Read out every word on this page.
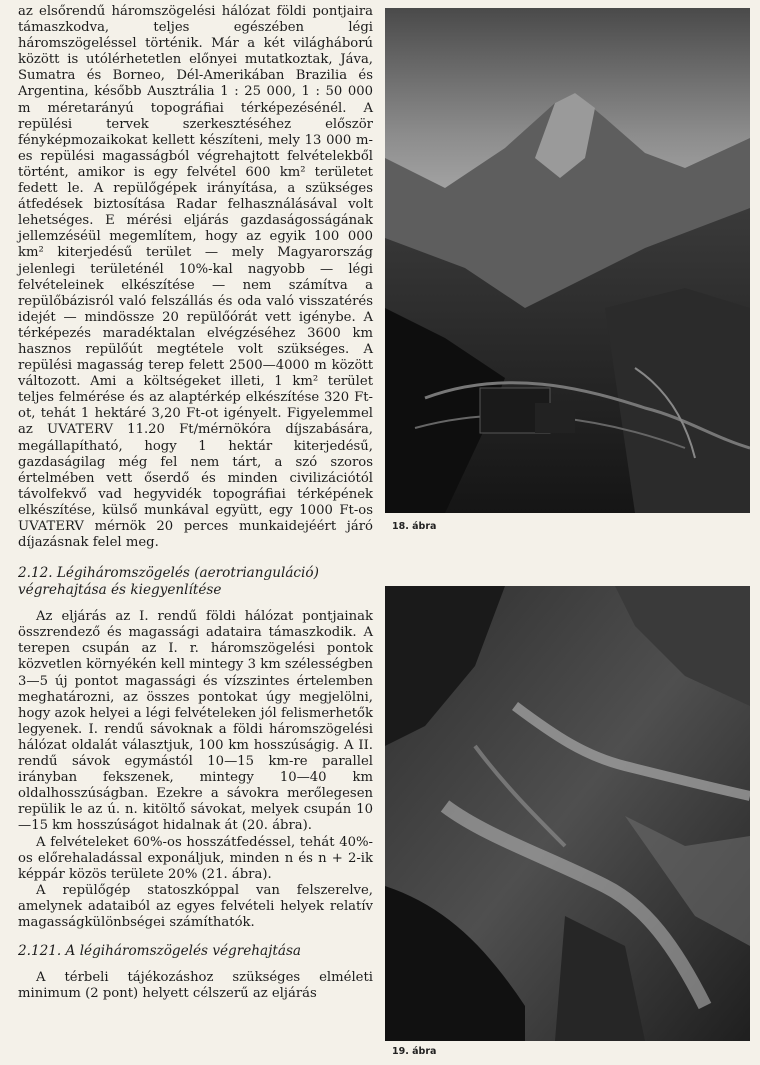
az elsőrendű háromszögelési hálózat földi pontjaira támaszkodva, teljes egészében légi háromszögeléssel történik. Már a két világháború között is utólérhetetlen előnyei mutatkoztak, Jáva, Sumatra és Borneo, Dél-Amerikában Brazilia és Argentina, később Ausztrália 1 : 25 000, 1 : 50 000 m méretarányú topográfiai térképezésénél. A repülési tervek szerkesztéséhez először fényképmozaikokat kellett készíteni, mely 13 000 m-es repülési magasságból végrehajtott felvételekből történt, amikor is egy felvétel 600 km² területet fedett le. A repülőgépek irányítása, a szükséges átfedések biztosítása Radar felhasználásával volt lehetséges. E mérési eljárás gazdaságosságának jellemzéséül megemlítem, hogy az egyik 100 000 km² kiterjedésű terület — mely Magyarország jelenlegi területénél 10%-kal nagyobb — légi felvételeinek elkészítése — nem számítva a repülőbázisról való felszállás és oda való visszatérés idejét — mindösszе 20 repülőórát vett igénybe. A térképezés maradéktalan elvégzéséhez 3600 km hasznos repülőút megtétele volt szükséges. A repülési magasság terep felett 2500—4000 m között változott. Ami a költségeket illeti, 1 km² terület teljes felmérése és az alaptérkép elkészítése 320 Ft-ot, tehát 1 hektáré 3,20 Ft-ot igényelt. Figyelemmel az UVATERV 11.20 Ft/mérnökóra díjszabására, megállapítható, hogy 1 hektár kiterjedésű, gazdaságilag még fel nem tárt, a szó szoros értelmében vett őserdő és minden civilizációtól távolfekvő vad hegyvidék topográfiai térképének elkészítése, külső munkával együtt, egy 1000 Ft-os UVATERV mérnök 20 perces munkaidejéért járó díjazásnak felel meg.

2.12. Légiháromszögelés (aerotrianguláció) végrehajtása és kiegyenlítése

Az eljárás az I. rendű földi hálózat pontjainak összrendező és magassági adataira támaszkodik. A terepen csupán az I. r. háromszögelési pontok közvetlen környékén kell mintegy 3 km szélességben 3—5 új pontot magassági és vízszintes értelemben meghatározni, az összes pontokat úgy megjelölni, hogy azok helyei a légi felvételeken jól felismerhetők legyenek. I. rendű sávoknak a földi háromszögelési hálózat oldalát választjuk, 100 km hosszúságig. A II. rendű sávok egymástól 10—15 km-re parallel irányban fekszenek, mintegy 10—40 km oldalhosszúságban. Ezekre a sávokra merőlegesen repülik le az ú. n. kitöltő sávokat, melyek csupán 10—15 km hosszúságot hidalnak át (20. ábra).

A felvételeket 60%-os hosszátfedéssel, tehát 40%-os előrehaladással exponáljuk, minden n és n + 2-ik képpár közös területe 20% (21. ábra).

A repülőgép statoszkóppal van felszerelve, amelynek adataiból az egyes felvételi helyek relatív magasságkülönbségei számíthatók.

2.121. A légiháromszögelés végrehajtása

A térbeli tájékozáshoz szükséges elméleti minimum (2 pont) helyett célszerű az eljárás

18. ábra
19. ábra
